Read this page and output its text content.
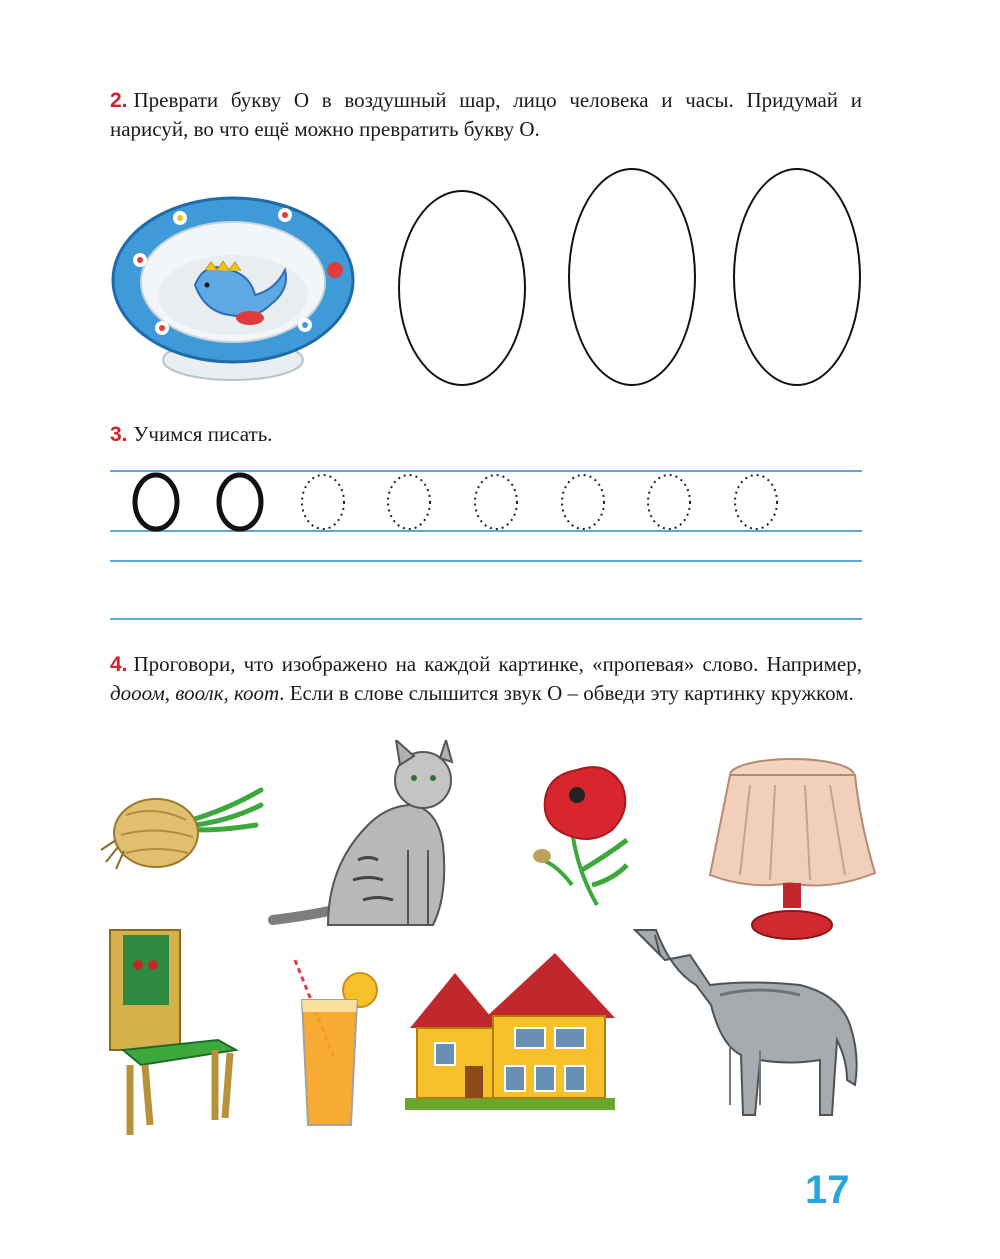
2. Преврати букву О в воздушный шар, лицо человека и часы. Придумай и нарисуй, во что ещё можно превратить букву О.
3. Учимся писать.
4. Проговори, что изображено на каждой картинке, «пропевая» слово. Например, дооом, воолк, коот. Если в слове слышится звук О – обведи эту картинку кружком.
17
